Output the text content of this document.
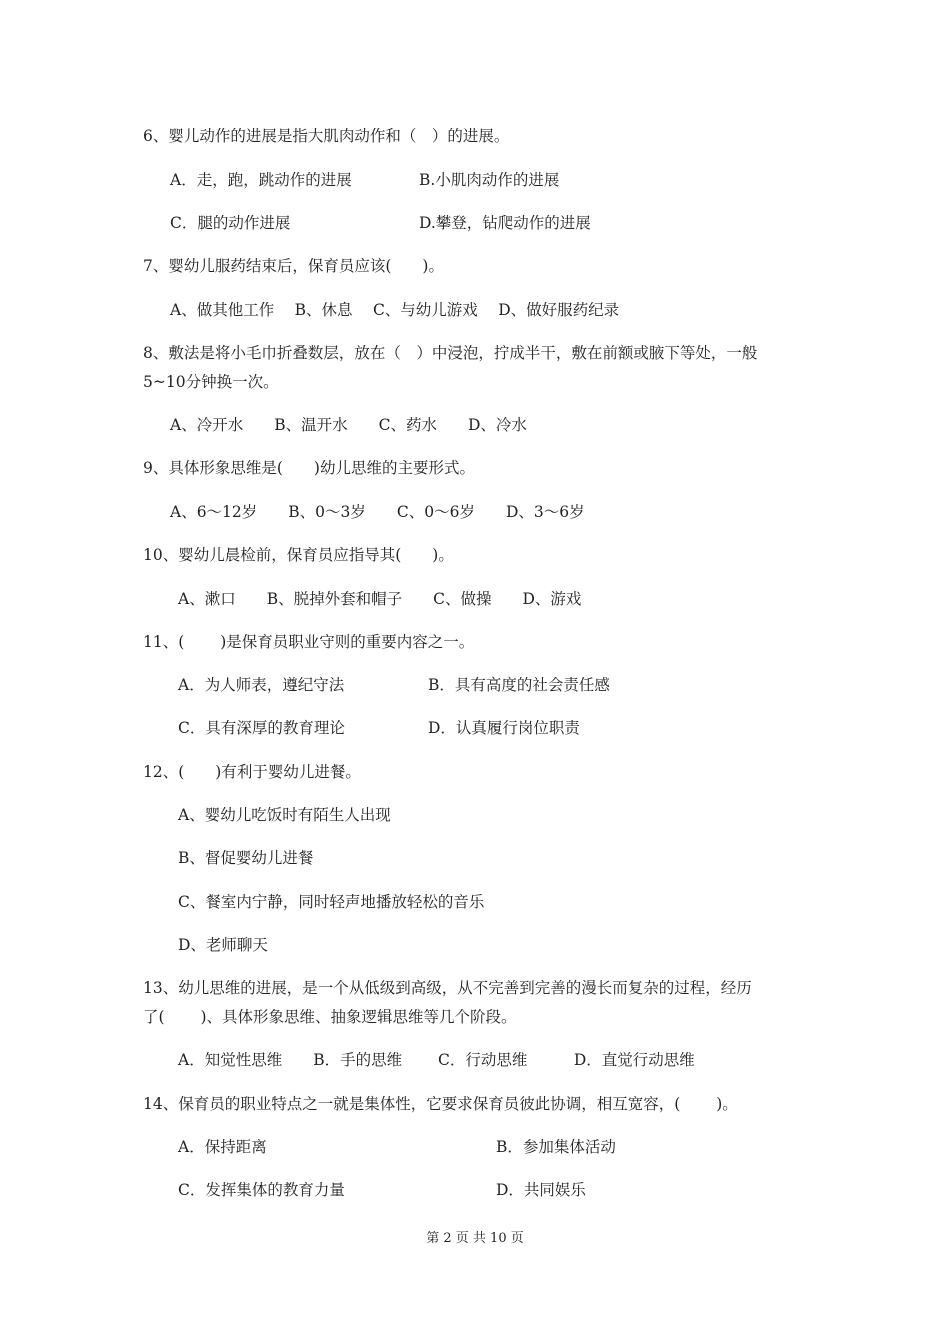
6、婴儿动作的进展是指大肌肉动作和（　）的进展。
A．走，跑，跳动作的进展	B.小肌肉动作的进展
C．腿的动作进展	D.攀登，钻爬动作的进展
7、婴幼儿服药结束后，保育员应该(　　)。
A、做其他工作　 B、休息　 C、与幼儿游戏　 D、做好服药纪录
8、敷法是将小毛巾折叠数层，放在（　）中浸泡，拧成半干，敷在前额或腋下等处，一般
5~10分钟换一次。
A、冷开水　　B、温开水　　C、药水　　D、冷水
9、具体形象思维是(　　)幼儿思维的主要形式。
A、6～12岁　　B、0～3岁　　C、0～6岁　　D、3～6岁
10、婴幼儿晨检前，保育员应指导其(　　)。
A、漱口　　B、脱掉外套和帽子　　C、做操　　D、游戏
11、(　　 )是保育员职业守则的重要内容之一。
A．为人师表，遵纪守法	B．具有高度的社会责任感
C．具有深厚的教育理论	D．认真履行岗位职责
12、(　　)有利于婴幼儿进餐。
A、婴幼儿吃饭时有陌生人出现
B、督促婴幼儿进餐
C、餐室内宁静，同时轻声地播放轻松的音乐
D、老师聊天
13、幼儿思维的进展，是一个从低级到高级，从不完善到完善的漫长而复杂的过程，经历
了(　　 )、具体形象思维、抽象逻辑思维等几个阶段。
A．知觉性思维　　B．手的思维　　 C．行动思维　　　D．直觉行动思维
14、保育员的职业特点之一就是集体性，它要求保育员彼此协调，相互宽容，(　　 )。
A．保持距离	B．参加集体活动
C．发挥集体的教育力量	D．共同娱乐
第 2 页 共 10 页
